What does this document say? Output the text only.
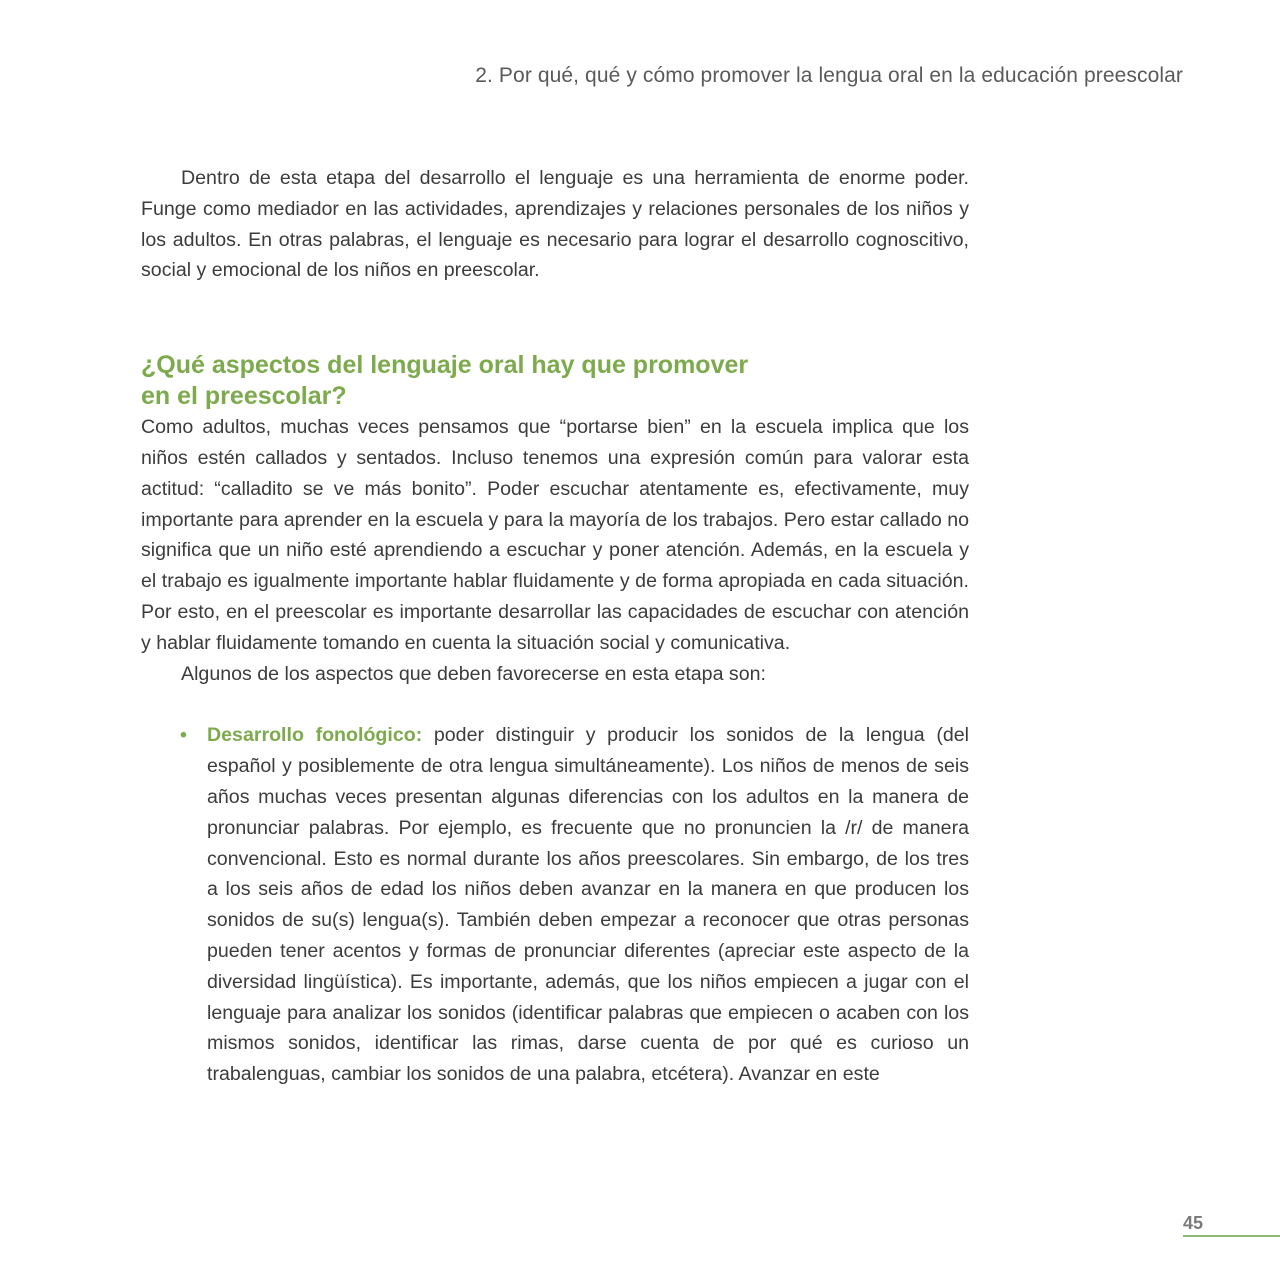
2. Por qué, qué y cómo promover la lengua oral en la educación preescolar

Dentro de esta etapa del desarrollo el lenguaje es una herramienta de enorme poder. Funge como mediador en las actividades, aprendizajes y relaciones personales de los niños y los adultos. En otras palabras, el lenguaje es necesario para lograr el desarrollo cognoscitivo, social y emocional de los niños en preescolar.

¿Qué aspectos del lenguaje oral hay que promover
en el preescolar?

Como adultos, muchas veces pensamos que “portarse bien” en la escuela implica que los niños estén callados y sentados. Incluso tenemos una expresión común para valorar esta actitud: “calladito se ve más bonito”. Poder escuchar atentamente es, efectivamente, muy importante para aprender en la escuela y para la mayoría de los trabajos. Pero estar callado no significa que un niño esté aprendiendo a escuchar y poner atención. Además, en la escuela y el trabajo es igualmente importante hablar fluidamente y de forma apropiada en cada situación. Por esto, en el preescolar es importante desarrollar las capacidades de escuchar con atención y hablar fluidamente tomando en cuenta la situación social y comunicativa.

Algunos de los aspectos que deben favorecerse en esta etapa son:

• Desarrollo fonológico: poder distinguir y producir los sonidos de la lengua (del español y posiblemente de otra lengua simultáneamente). Los niños de menos de seis años muchas veces presentan algunas diferencias con los adultos en la manera de pronunciar palabras. Por ejemplo, es frecuente que no pronuncien la /r/ de manera convencional. Esto es normal durante los años preescolares. Sin embargo, de los tres a los seis años de edad los niños deben avanzar en la manera en que producen los sonidos de su(s) lengua(s). También deben empezar a reconocer que otras personas pueden tener acentos y formas de pronunciar diferentes (apreciar este aspecto de la diversidad lingüística). Es importante, además, que los niños empiecen a jugar con el lenguaje para analizar los sonidos (identificar palabras que empiecen o acaben con los mismos sonidos, identificar las rimas, darse cuenta de por qué es curioso un trabalenguas, cambiar los sonidos de una palabra, etcétera). Avanzar en este
45
